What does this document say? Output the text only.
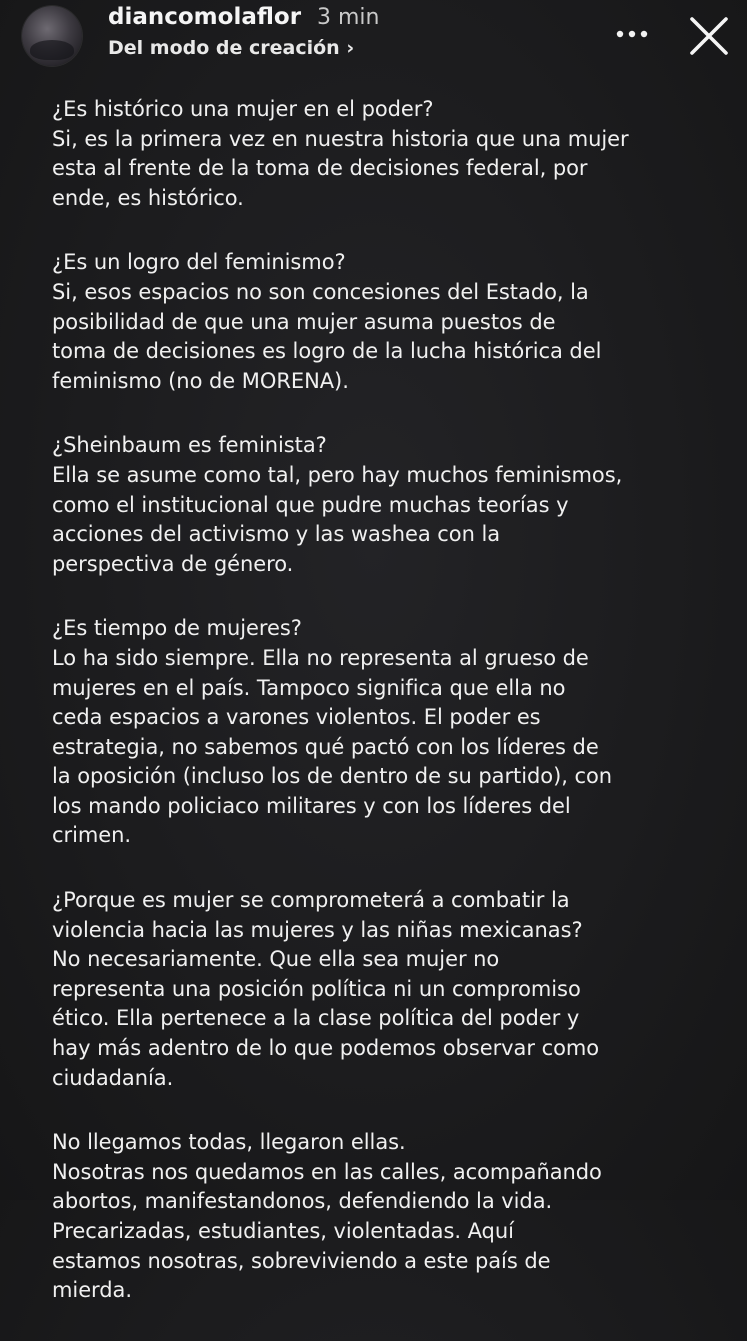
diancomolaflor 3 min
Del modo de creación ›
¿Es histórico una mujer en el poder?
Si, es la primera vez en nuestra historia que una mujer
esta al frente de la toma de decisiones federal, por
ende, es histórico.
¿Es un logro del feminismo?
Si, esos espacios no son concesiones del Estado, la
posibilidad de que una mujer asuma puestos de
toma de decisiones es logro de la lucha histórica del
feminismo (no de MORENA).
¿Sheinbaum es feminista?
Ella se asume como tal, pero hay muchos feminismos,
como el institucional que pudre muchas teorías y
acciones del activismo y las washea con la
perspectiva de género.
¿Es tiempo de mujeres?
Lo ha sido siempre. Ella no representa al grueso de
mujeres en el país. Tampoco significa que ella no
ceda espacios a varones violentos. El poder es
estrategia, no sabemos qué pactó con los líderes de
la oposición (incluso los de dentro de su partido), con
los mando policiaco militares y con los líderes del
crimen.
¿Porque es mujer se comprometerá a combatir la
violencia hacia las mujeres y las niñas mexicanas?
No necesariamente. Que ella sea mujer no
representa una posición política ni un compromiso
ético. Ella pertenece a la clase política del poder y
hay más adentro de lo que podemos observar como
ciudadanía.
No llegamos todas, llegaron ellas.
Nosotras nos quedamos en las calles, acompañando
abortos, manifestandonos, defendiendo la vida.
Precarizadas, estudiantes, violentadas. Aquí
estamos nosotras, sobreviviendo a este país de
mierda.
